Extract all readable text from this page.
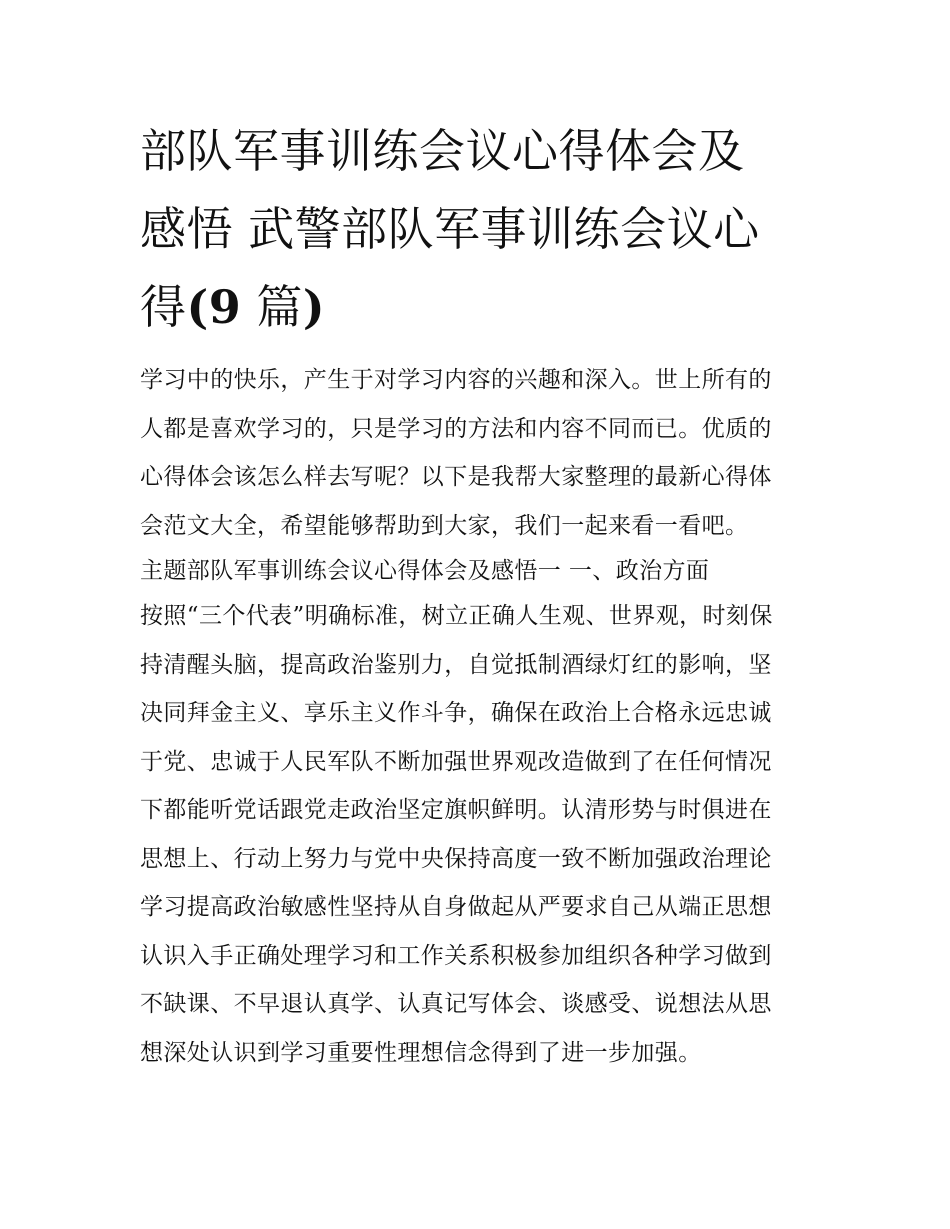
部队军事训练会议心得体会及
感悟 武警部队军事训练会议心
得(9 篇)
学习中的快乐，产生于对学习内容的兴趣和深入。世上所有的
人都是喜欢学习的，只是学习的方法和内容不同而已。优质的
心得体会该怎么样去写呢？以下是我帮大家整理的最新心得体
会范文大全，希望能够帮助到大家，我们一起来看一看吧。
主题部队军事训练会议心得体会及感悟一 一、政治方面
按照“三个代表”明确标准，树立正确人生观、世界观，时刻保
持清醒头脑，提高政治鉴别力，自觉抵制酒绿灯红的影响，坚
决同拜金主义、享乐主义作斗争，确保在政治上合格永远忠诚
于党、忠诚于人民军队不断加强世界观改造做到了在任何情况
下都能听党话跟党走政治坚定旗帜鲜明。认清形势与时俱进在
思想上、行动上努力与党中央保持高度一致不断加强政治理论
学习提高政治敏感性坚持从自身做起从严要求自己从端正思想
认识入手正确处理学习和工作关系积极参加组织各种学习做到
不缺课、不早退认真学、认真记写体会、谈感受、说想法从思
想深处认识到学习重要性理想信念得到了进一步加强。
